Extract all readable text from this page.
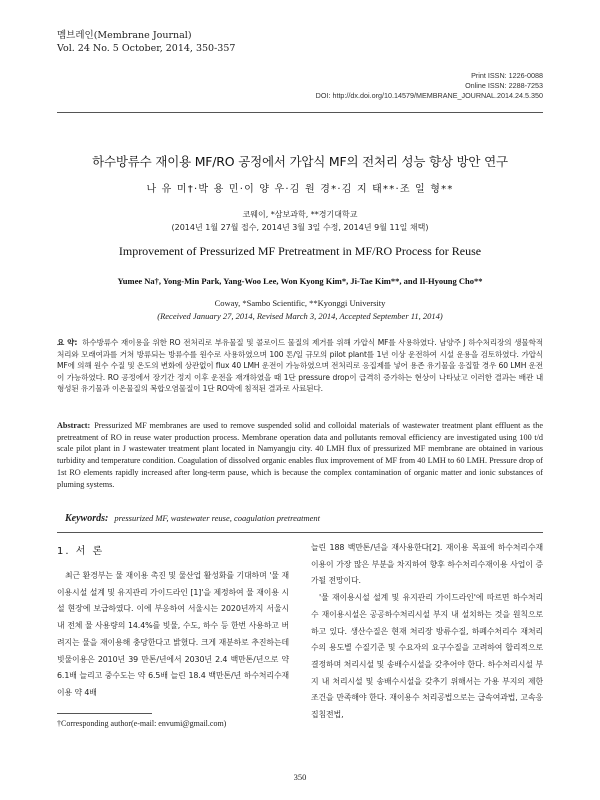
멤브레인(Membrane Journal)
Vol. 24 No. 5 October, 2014, 350-357
Print ISSN: 1226-0088
Online ISSN: 2288-7253
DOI: http://dx.doi.org/10.14579/MEMBRANE_JOURNAL.2014.24.5.350
하수방류수 재이용 MF/RO 공정에서 가압식 MF의 전처리 성능 향상 방안 연구
나 유 미†·박 용 민·이 양 우·김 원 경*·김 지 태**·조 일 형**
코웨이, *삼보과학, **경기대학교
(2014년 1월 27월 접수, 2014년 3월 3일 수정, 2014년 9월 11일 채택)
Improvement of Pressurized MF Pretreatment in MF/RO Process for Reuse
Yumee Na†, Yong-Min Park, Yang-Woo Lee, Won Kyong Kim*, Ji-Tae Kim**, and Il-Hyoung Cho**
Coway, *Sambo Scientific, **Kyonggi University
(Received January 27, 2014, Revised March 3, 2014, Accepted September 11, 2014)
요 약: 하수방류수 재이용을 위한 RO 전처리로 부유물질 및 콜로이드 물질의 제거를 위해 가압식 MF를 사용하였다. 남양주 J 하수처리장의 생물학적 처리와 모래여과를 거쳐 방류되는 방류수를 원수로 사용하였으며 100 톤/일 규모의 pilot plant를 1년 이상 운전하여 시설 운용을 검토하였다. 가압식 MF에 의해 원수 수질 및 온도의 변화에 상관없이 flux 40 LMH 운전이 가능하였으며 전처리로 응집제를 넣어 용존 유기물을 응집할 경우 60 LMH 운전이 가능하였다. RO 공정에서 장기간 정지 이후 운전을 재개하였을 때 1단 pressure drop이 급격히 증가하는 현상이 나타났고 이러한 결과는 배관 내 형성된 유기물과 이온물질의 복합오염물질이 1단 RO막에 침적된 결과로 사료된다.
Abstract: Pressurized MF membranes are used to remove suspended solid and colloidal materials of wastewater treatment plant effluent as the pretreatment of RO in reuse water production process. Membrane operation data and pollutants removal efficiency are investigated using 100 t/d scale pilot plant in J wastewater treatment plant located in Namyangju city. 40 LMH flux of pressurized MF membrane are obtained in various turbidity and temperature condition. Coagulation of dissolved organic enables flux improvement of MF from 40 LMH to 60 LMH. Pressure drop of 1st RO elements rapidly increased after long-term pause, which is because the complex contamination of organic matter and ionic substances of pluming systems.
Keywords: pressurized MF, wastewater reuse, coagulation pretreatment
1. 서 론

최근 환경부는 물 재이용 촉진 및 물산업 활성화를 기대하며 '물 재이용시설 설계 및 유지관리 가이드라인 [1]'을 제정하여 물 재이용 시설 현장에 보급하였다. 이에 부응하여 서울시는 2020년까지 서울시내 전체 물 사용량의 14.4%를 빗물, 수도, 하수 등 한번 사용하고 버려지는 물을 재이용해 충당한다고 밝혔다. 크게 재분하로 추진하는데 빗물이용은 2010년 39 만톤/년에서 2030년 2.4 백만톤/년으로 약 6.1배 늘리고 중수도는 약 6.5배 늘린 18.4 백만톤/년 하수처리수재이용 약 4배

늘린 188 백만톤/년을 재사용한다[2]. 재이용 목표에 하수처리수재이용이 가장 많은 부분을 차지하여 향후 하수처리수재이용 사업이 증가될 전망이다.

'물 재이용시설 설계 및 유지관리 가이드라인'에 따르면 하수처리수 재이용시설은 공공하수처리시설 부지 내 설치하는 것을 원칙으로 하고 있다. 생산수질은 현재 처리장 방류수질, 하폐수처리수 재처리수의 용도별 수질기준 및 수요자의 요구수질을 고려하여 합리적으로 결정하며 처리시설 및 송배수시설을 갖추어야 한다. 하수처리시설 부지 내 처리시설 및 송배수시설을 갖추기 위해서는 가용 부지의 제한조건을 만족해야 한다. 재이용수 처리공법으로는 급속여과법, 고속응집침전법,

†Corresponding author(e-mail: envumi@gmail.com)
350
